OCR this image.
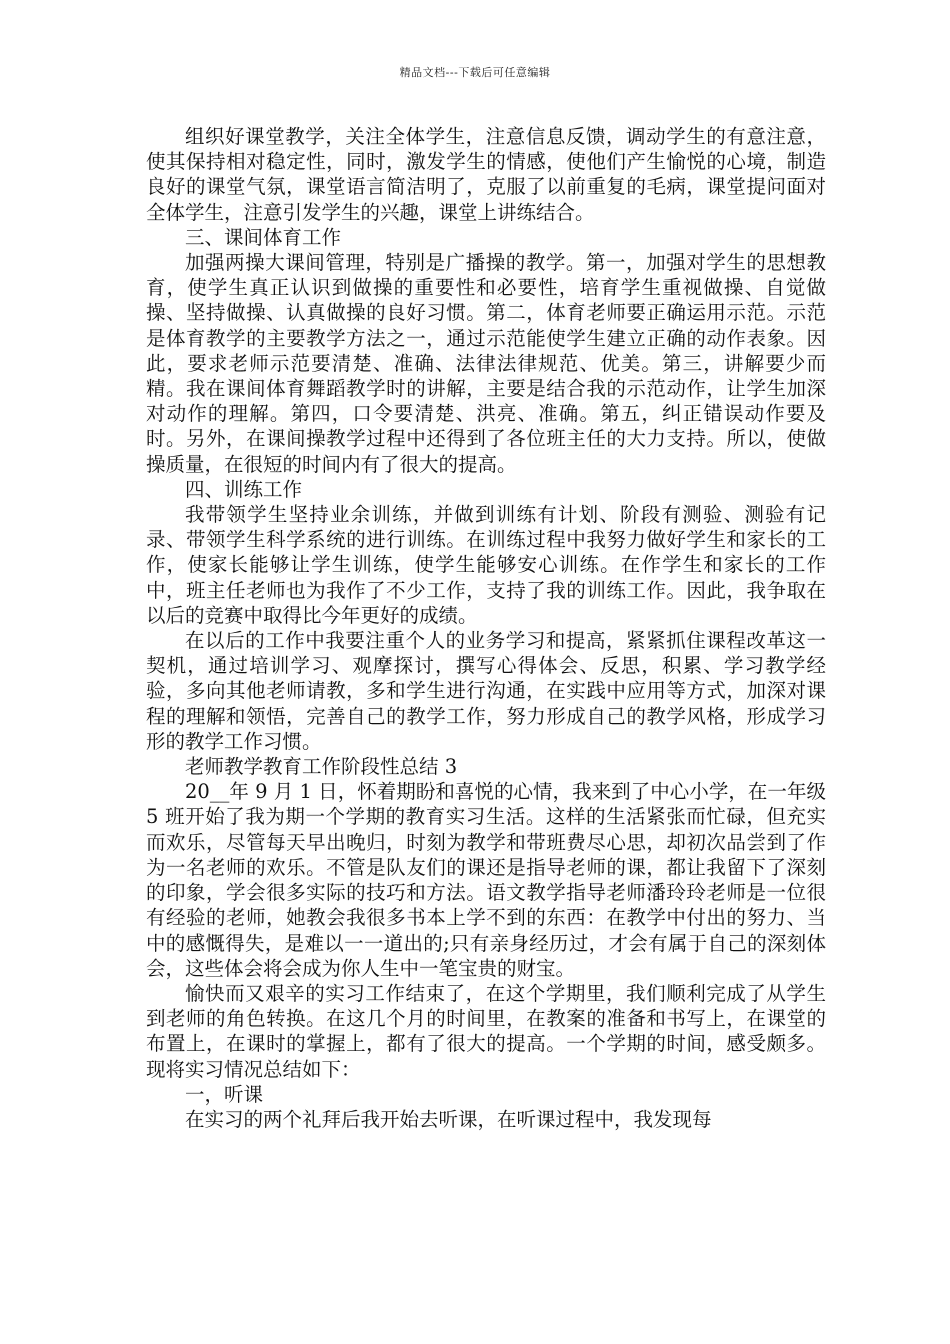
精品文档---下载后可任意编辑

组织好课堂教学，关注全体学生，注意信息反馈，调动学生的有意注意，使其保持相对稳定性，同时，激发学生的情感，使他们产生愉悦的心境，制造良好的课堂气氛，课堂语言简洁明了，克服了以前重复的毛病，课堂提问面对全体学生，注意引发学生的兴趣，课堂上讲练结合。

三、课间体育工作

加强两操大课间管理，特别是广播操的教学。第一，加强对学生的思想教育，使学生真正认识到做操的重要性和必要性，培育学生重视做操、自觉做操、坚持做操、认真做操的良好习惯。第二，体育老师要正确运用示范。示范是体育教学的主要教学方法之一，通过示范能使学生建立正确的动作表象。因此，要求老师示范要清楚、准确、法律法律规范、优美。第三，讲解要少而精。我在课间体育舞蹈教学时的讲解，主要是结合我的示范动作，让学生加深对动作的理解。第四，口令要清楚、洪亮、准确。第五，纠正错误动作要及时。另外，在课间操教学过程中还得到了各位班主任的大力支持。所以，使做操质量，在很短的时间内有了很大的提高。

四、训练工作

我带领学生坚持业余训练，并做到训练有计划、阶段有测验、测验有记录、带领学生科学系统的进行训练。在训练过程中我努力做好学生和家长的工作，使家长能够让学生训练，使学生能够安心训练。在作学生和家长的工作中，班主任老师也为我作了不少工作，支持了我的训练工作。因此，我争取在以后的竞赛中取得比今年更好的成绩。

在以后的工作中我要注重个人的业务学习和提高，紧紧抓住课程改革这一契机，通过培训学习、观摩探讨，撰写心得体会、反思，积累、学习教学经验，多向其他老师请教，多和学生进行沟通，在实践中应用等方式，加深对课程的理解和领悟，完善自己的教学工作，努力形成自己的教学风格，形成学习形的教学工作习惯。

老师教学教育工作阶段性总结 3

20__年 9 月 1 日，怀着期盼和喜悦的心情，我来到了中心小学，在一年级 5 班开始了我为期一个学期的教育实习生活。这样的生活紧张而忙碌，但充实而欢乐，尽管每天早出晚归，时刻为教学和带班费尽心思，却初次品尝到了作为一名老师的欢乐。不管是队友们的课还是指导老师的课，都让我留下了深刻的印象，学会很多实际的技巧和方法。语文教学指导老师潘玲玲老师是一位很有经验的老师，她教会我很多书本上学不到的东西：在教学中付出的努力、当中的感慨得失，是难以一一道出的;只有亲身经历过，才会有属于自己的深刻体会，这些体会将会成为你人生中一笔宝贵的财宝。

愉快而又艰辛的实习工作结束了，在这个学期里，我们顺利完成了从学生到老师的角色转换。在这几个月的时间里，在教案的准备和书写上，在课堂的布置上，在课时的掌握上，都有了很大的提高。一个学期的时间，感受颇多。现将实习情况总结如下：

一，听课

在实习的两个礼拜后我开始去听课，在听课过程中，我发现每
